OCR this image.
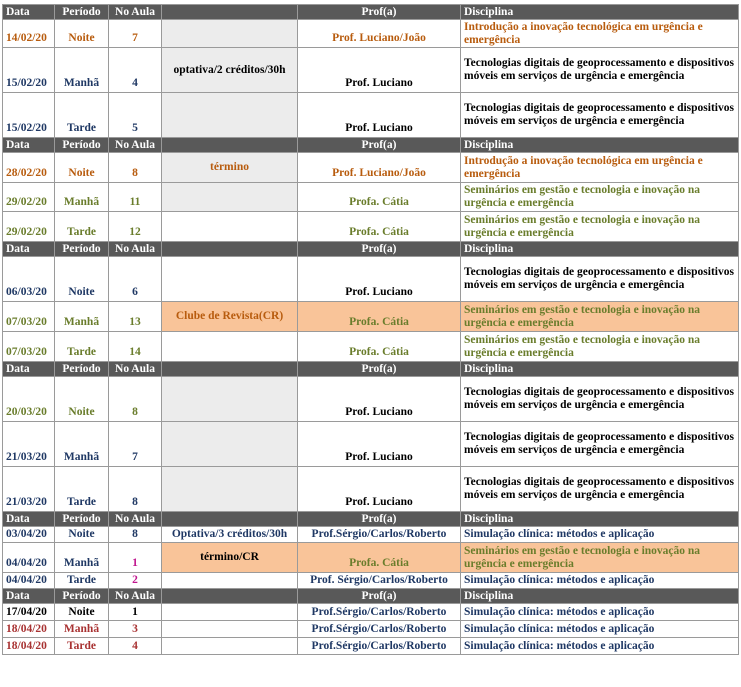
Data	Período	No Aula		Prof(a)	Disciplina
14/02/20	Noite	7		Prof. Luciano/João	Introdução a inovação tecnológica em urgência e emergência
15/02/20	Manhã	4	optativa/2 créditos/30h	Prof. Luciano	Tecnologias digitais de geoprocessamento e dispositivos móveis em serviços de urgência e emergência
15/02/20	Tarde	5		Prof. Luciano	Tecnologias digitais de geoprocessamento e dispositivos móveis em serviços de urgência e emergência
Data	Período	No Aula		Prof(a)	Disciplina
28/02/20	Noite	8	término	Prof. Luciano/João	Introdução a inovação tecnológica em urgência e emergência
29/02/20	Manhã	11		Profa. Cátia	Seminários em gestão e tecnologia e inovação na urgência e emergência
29/02/20	Tarde	12		Profa. Cátia	Seminários em gestão e tecnologia e inovação na urgência e emergência
Data	Período	No Aula		Prof(a)	Disciplina
06/03/20	Noite	6		Prof. Luciano	Tecnologias digitais de geoprocessamento e dispositivos móveis em serviços de urgência e emergência
07/03/20	Manhã	13	Clube de Revista(CR)	Profa. Cátia	Seminários em gestão e tecnologia e inovação na urgência e emergência
07/03/20	Tarde	14		Profa. Cátia	Seminários em gestão e tecnologia e inovação na urgência e emergência
Data	Período	No Aula		Prof(a)	Disciplina
20/03/20	Noite	8		Prof. Luciano	Tecnologias digitais de geoprocessamento e dispositivos móveis em serviços de urgência e emergência
21/03/20	Manhã	7		Prof. Luciano	Tecnologias digitais de geoprocessamento e dispositivos móveis em serviços de urgência e emergência
21/03/20	Tarde	8		Prof. Luciano	Tecnologias digitais de geoprocessamento e dispositivos móveis em serviços de urgência e emergência
Data	Período	No Aula		Prof(a)	Disciplina
03/04/20	Noite	8	Optativa/3 créditos/30h	Prof.Sérgio/Carlos/Roberto	Simulação clínica: métodos e aplicação
04/04/20	Manhã	1	término/CR	Profa. Cátia	Seminários em gestão e tecnologia e inovação na urgência e emergência
04/04/20	Tarde	2		Prof. Sérgio/Carlos/Roberto	Simulação clínica: métodos e aplicação
Data	Período	No Aula		Prof(a)	Disciplina
17/04/20	Noite	1		Prof.Sérgio/Carlos/Roberto	Simulação clínica: métodos e aplicação
18/04/20	Manhã	3		Prof.Sérgio/Carlos/Roberto	Simulação clínica: métodos e aplicação
18/04/20	Tarde	4		Prof.Sérgio/Carlos/Roberto	Simulação clínica: métodos e aplicação
